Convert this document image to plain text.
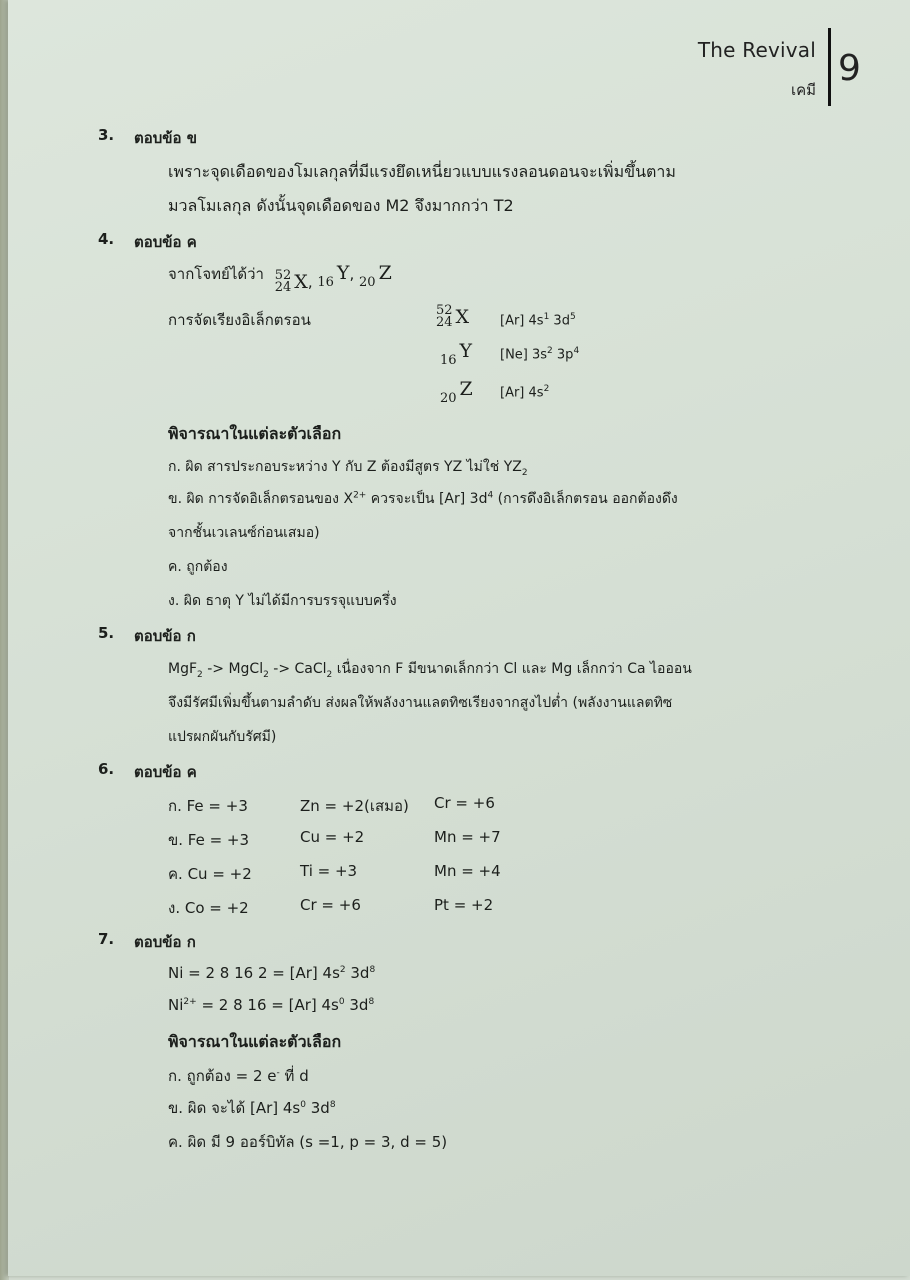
The Revival
เคมี
9
3. ตอบข้อ ข
เพราะจุดเดือดของโมเลกุลที่มีแรงยึดเหนี่ยวแบบแรงลอนดอนจะเพิ่มขึ้นตาม
มวลโมเลกุล ดังนั้นจุดเดือดของ M2 จึงมากกว่า T2
4. ตอบข้อ ค
จากโจทย์ได้ว่า 52
24 X , 16 Y, 20 Z
การจัดเรียงอิเล็กตรอน
52
24 X [Ar] $4s^1$ $3d^5$
16 Y [Ne] $3s^2$ $3p^4$
20 Z [Ar] $4s^2$
พิจารณาในแต่ละตัวเลือก
ก. ผิด สารประกอบระหว่าง Y กับ Z ต้องมีสูตร YZ ไม่ใช่ $YZ_2$
ข. ผิด การจัดอิเล็กตรอนของ $X^{2+}$ ควรจะเป็น [Ar] $3d^4$ (การดึงอิเล็กตรอน ออกต้องดึง
จากชั้นเวเลนซ์ก่อนเสมอ)
ค. ถูกต้อง
ง. ผิด ธาตุ Y ไม่ได้มีการบรรจุแบบครึ่ง
5. ตอบข้อ ก
MgF$_2$ -> MgCl$_2$ -> CaCl$_2$ เนื่องจาก F มีขนาดเล็กกว่า Cl และ Mg เล็กกว่า Ca ไอออน
จึงมีรัศมีเพิ่มขึ้นตามลำดับ ส่งผลให้พลังงานแลตทิซเรียงจากสูงไปต่ำ (พลังงานแลตทิซ
แปรผกผันกับรัศมี)
6. ตอบข้อ ค
ก. Fe = +3	Zn = +2(เสมอ) Cr = +6
ข. Fe = +3	Cu = +2	Mn = +7
ค. Cu = +2	Ti = +3	Mn = +4
ง. Co = +2	Cr = +6	Pt = +2
7. ตอบข้อ ก
Ni = 2 8 16 2 = [Ar] $4s^2$ $3d^8$
$Ni^{2+} = 2$ 8 16 = [Ar] $4s^0$ $3d^8$
พิจารณาในแต่ละตัวเลือก
ก. ถูกต้อง = 2 e- ที่ d
ข. ผิด จะได้ [Ar] $4s^0$ $3d^8$
ค. ผิด มี 9 ออร์บิทัล (s =1, p = 3, d = 5)
